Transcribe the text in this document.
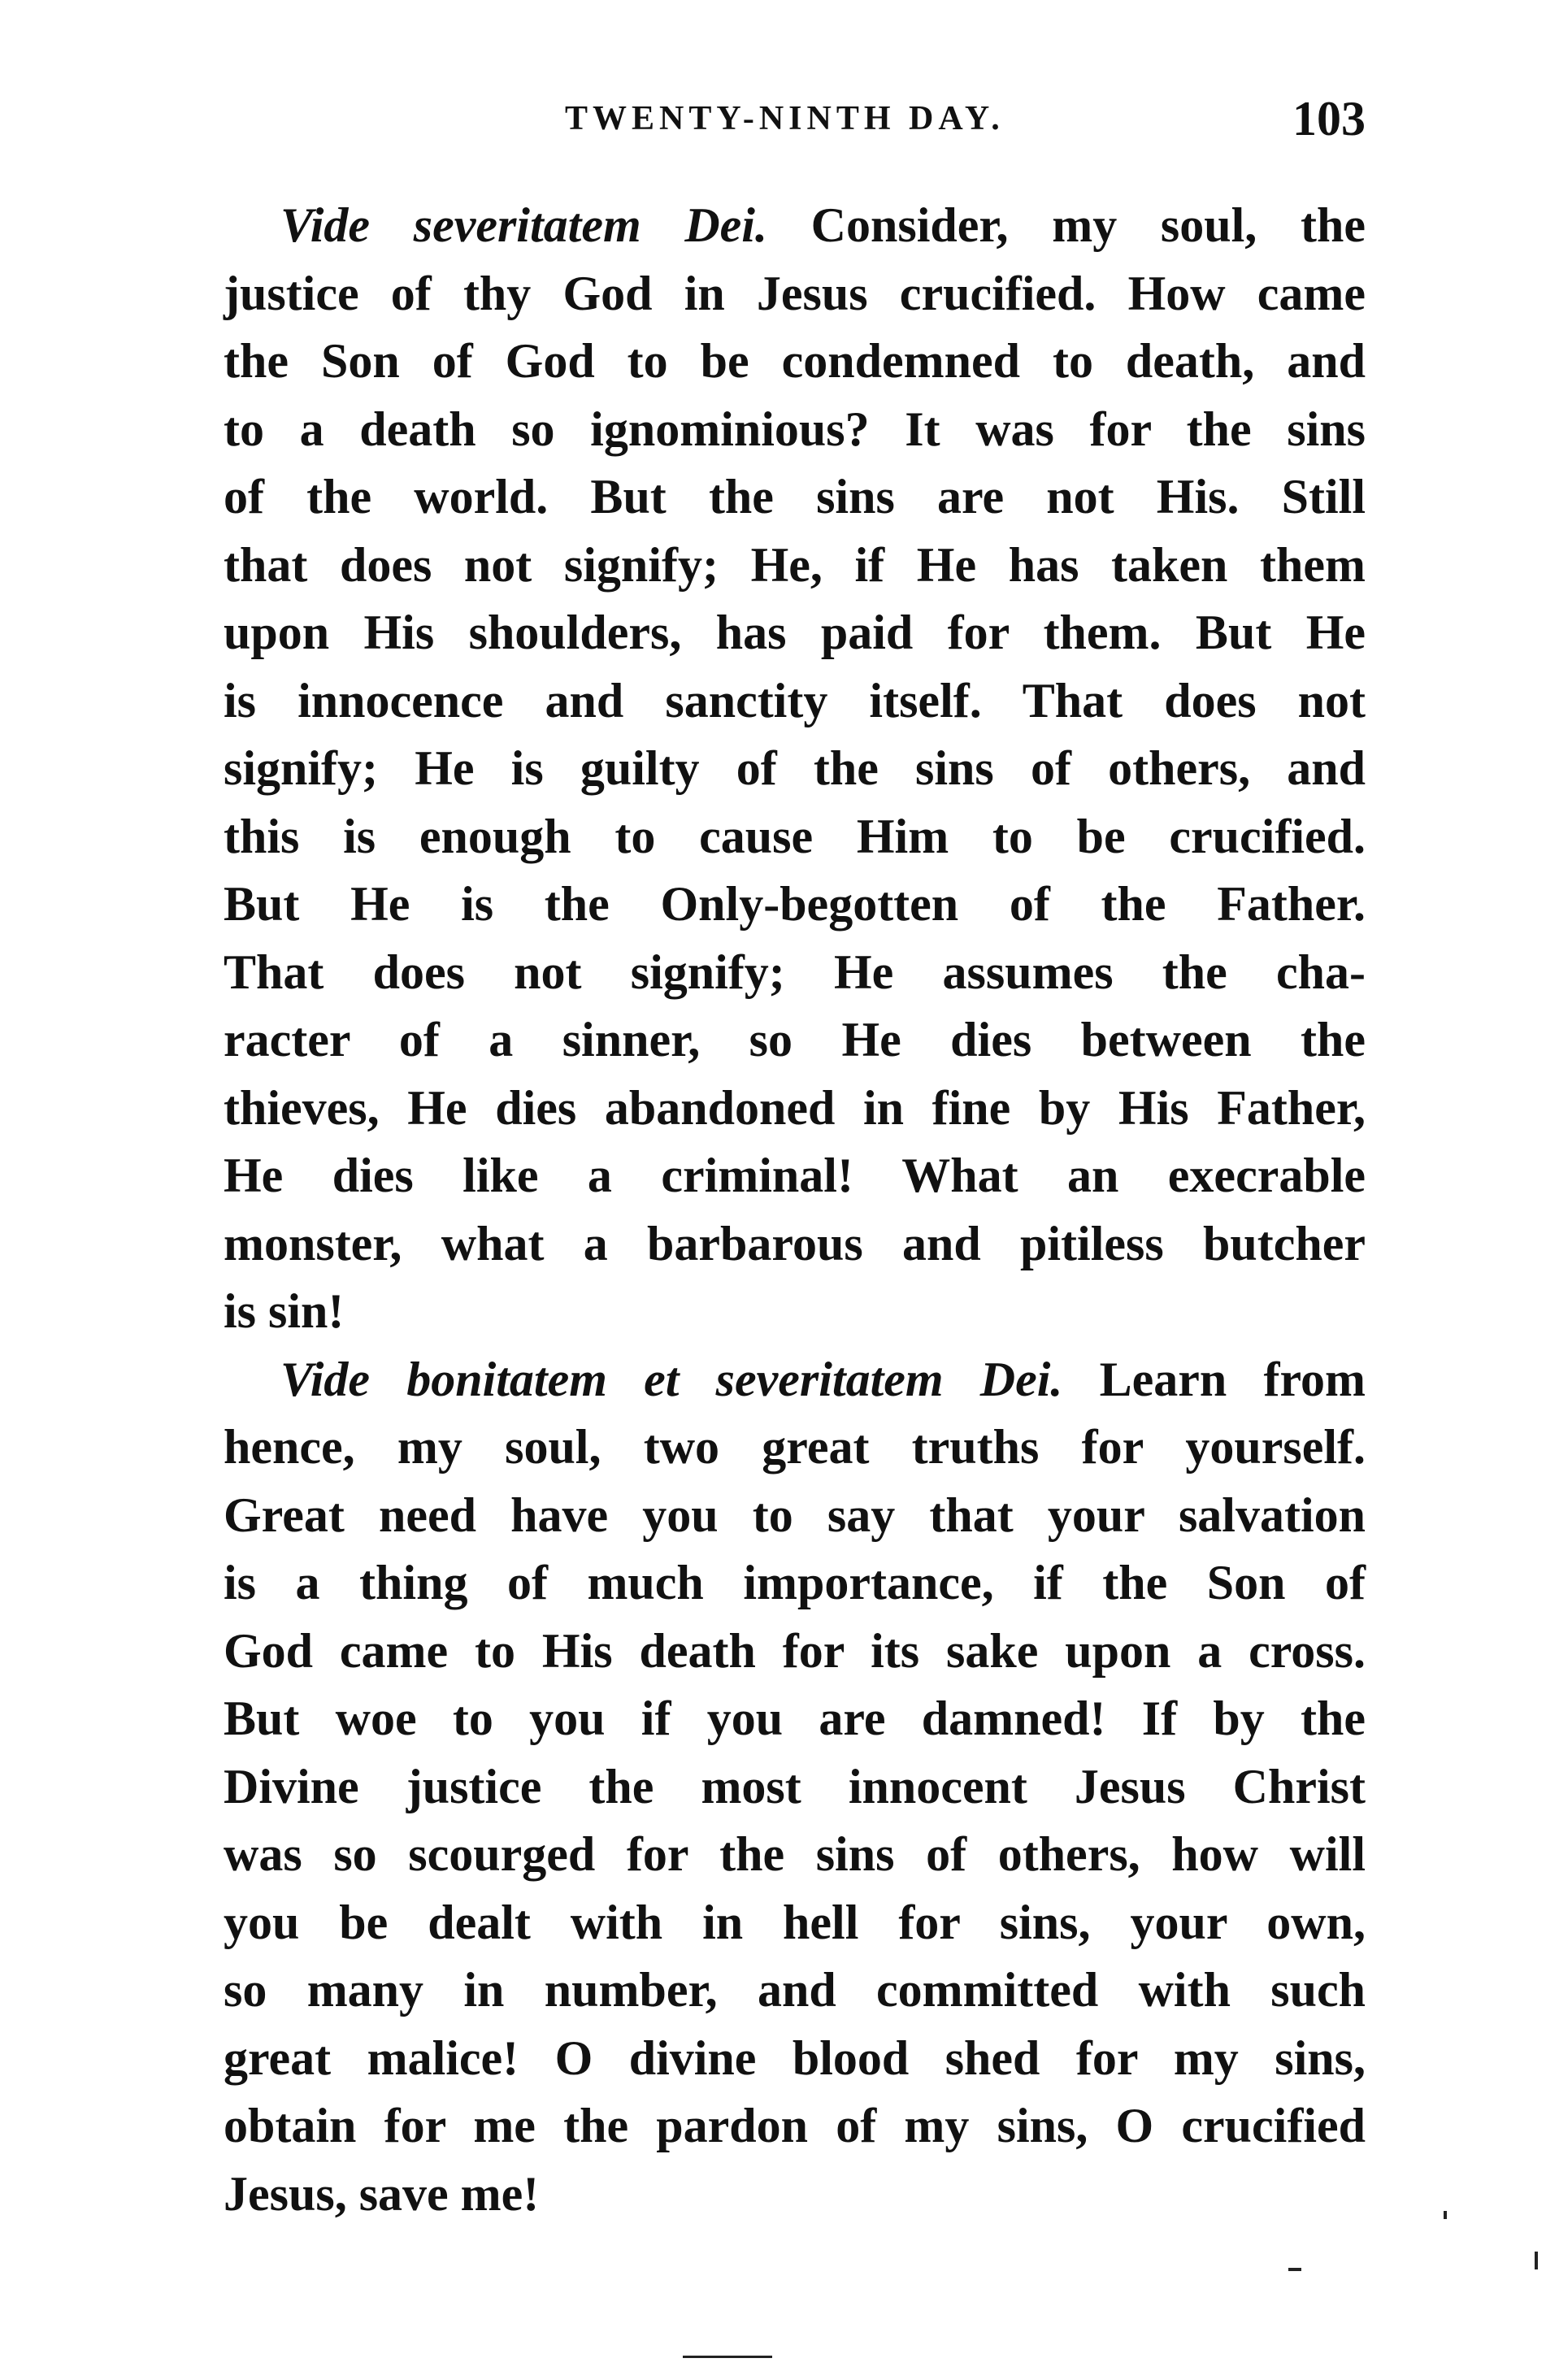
TWENTY-NINTH DAY.	103
Vide severitatem Dei. Consider, my soul, the
justice of thy God in Jesus crucified. How came
the Son of God to be condemned to death, and
to a death so ignominious? It was for the sins
of the world. But the sins are not His. Still
that does not signify; He, if He has taken them
upon His shoulders, has paid for them. But He
is innocence and sanctity itself. That does not
signify; He is guilty of the sins of others, and
this is enough to cause Him to be crucified.
But He is the Only-begotten of the Father.
That does not signify; He assumes the cha-
racter of a sinner, so He dies between the
thieves, He dies abandoned in fine by His Father,
He dies like a criminal! What an execrable
monster, what a barbarous and pitiless butcher
is sin!
Vide bonitatem et severitatem Dei. Learn from
hence, my soul, two great truths for yourself.
Great need have you to say that your salvation
is a thing of much importance, if the Son of
God came to His death for its sake upon a cross.
But woe to you if you are damned! If by the
Divine justice the most innocent Jesus Christ
was so scourged for the sins of others, how will
you be dealt with in hell for sins, your own,
so many in number, and committed with such
great malice! O divine blood shed for my sins,
obtain for me the pardon of my sins, O crucified
Jesus, save me!
